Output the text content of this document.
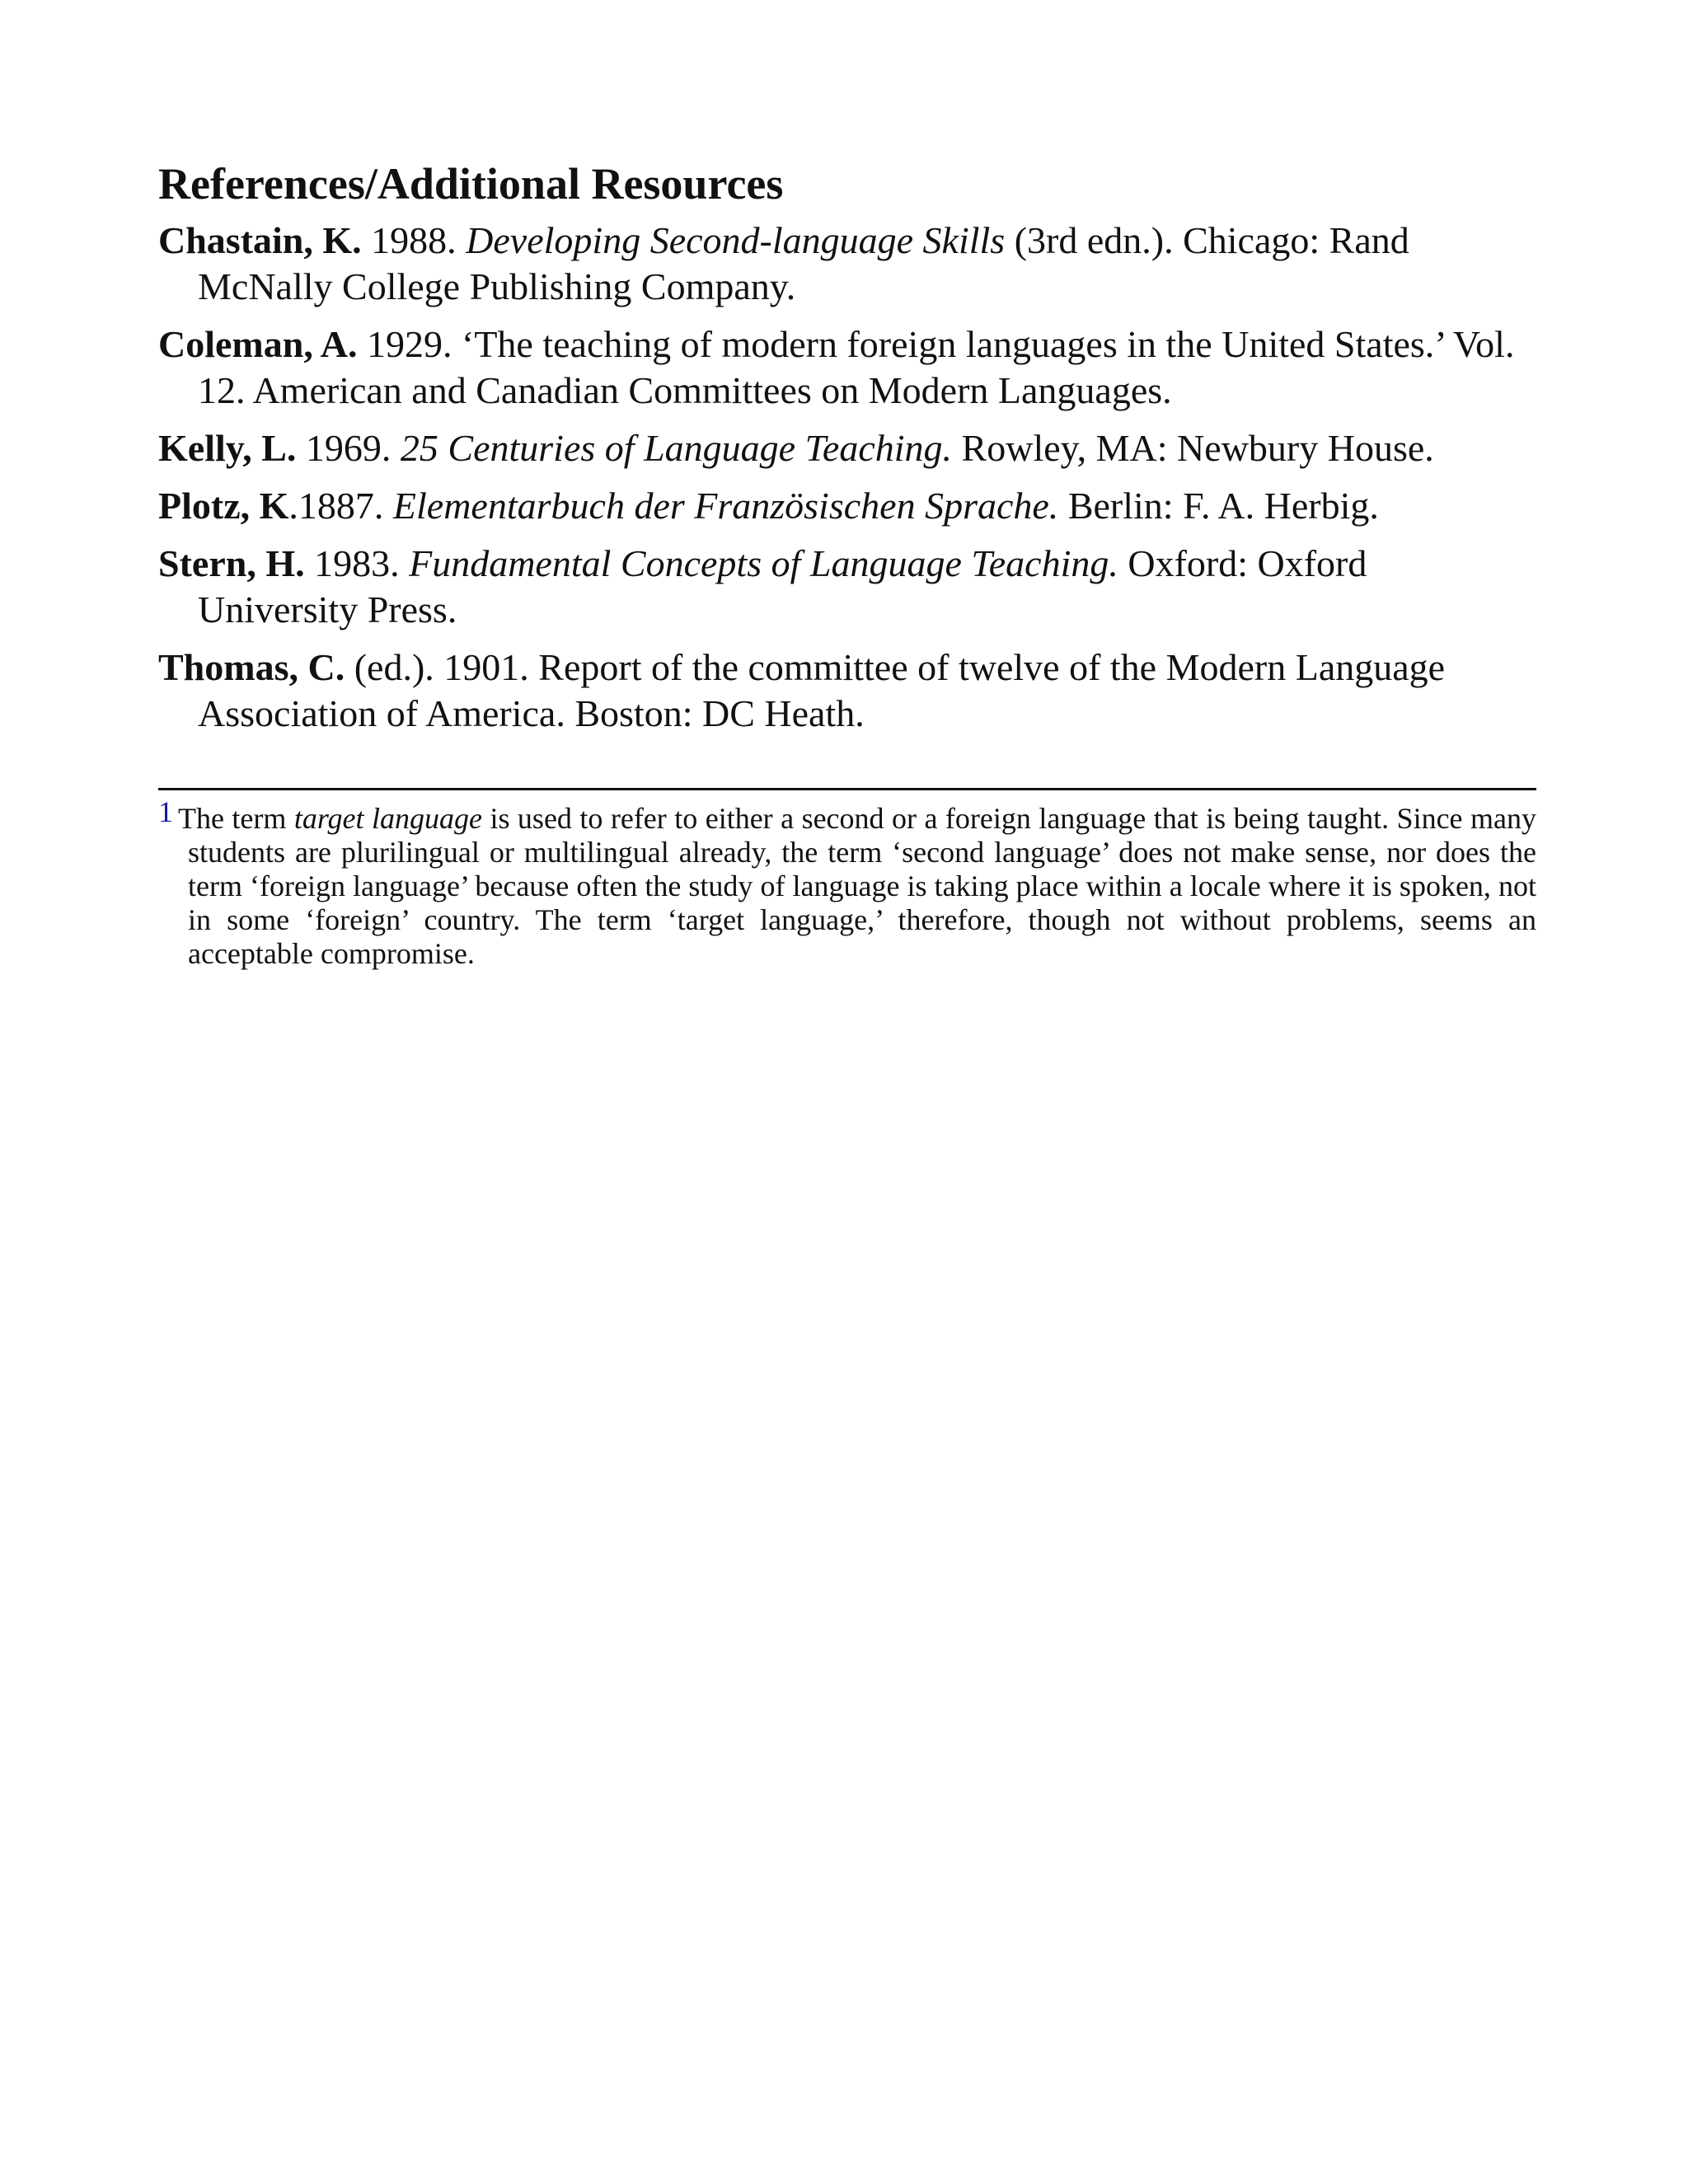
References/Additional Resources

Chastain, K. 1988. Developing Second-language Skills (3rd edn.). Chicago: Rand McNally College Publishing Company.

Coleman, A. 1929. ‘The teaching of modern foreign languages in the United States.’ Vol. 12. American and Canadian Committees on Modern Languages.

Kelly, L. 1969. 25 Centuries of Language Teaching. Rowley, MA: Newbury House.

Plotz, K.1887. Elementarbuch der Französischen Sprache. Berlin: F. A. Herbig.

Stern, H. 1983. Fundamental Concepts of Language Teaching. Oxford: Oxford University Press.

Thomas, C. (ed.). 1901. Report of the committee of twelve of the Modern Language Association of America. Boston: DC Heath.

1 The term target language is used to refer to either a second or a foreign language that is being taught. Since many students are plurilingual or multilingual already, the term ‘second language’ does not make sense, nor does the term ‘foreign language’ because often the study of language is taking place within a locale where it is spoken, not in some ‘foreign’ country. The term ‘target language,’ therefore, though not without problems, seems an acceptable compromise.
